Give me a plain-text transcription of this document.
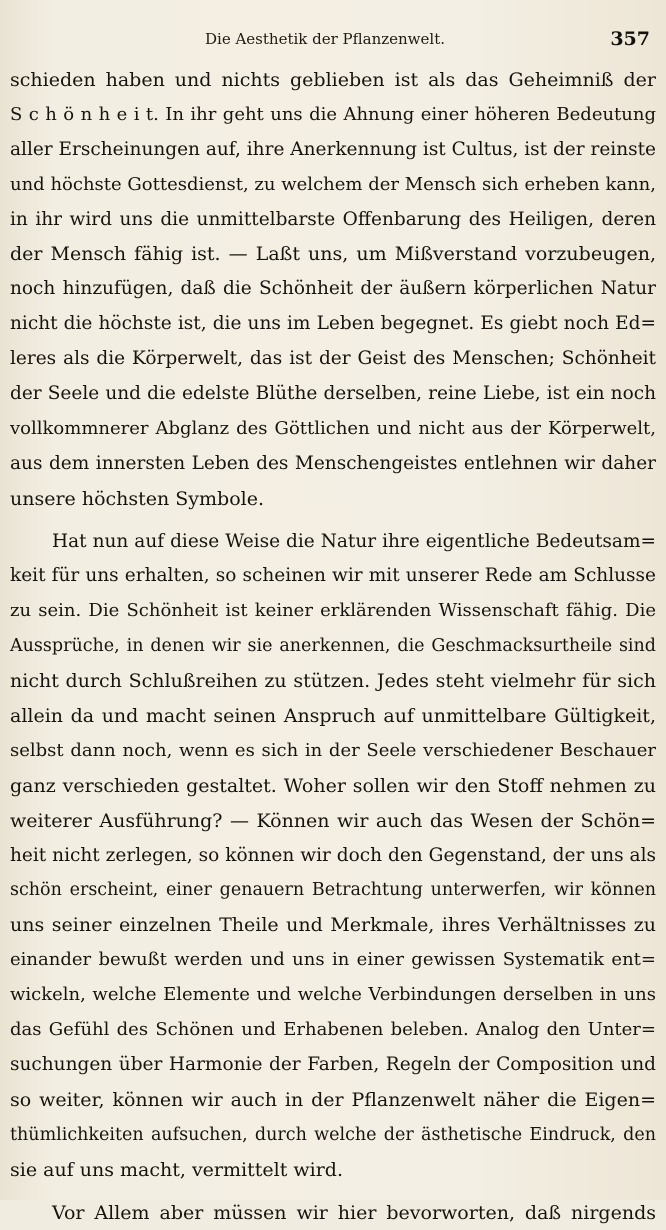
Die Aesthetik der Pflanzenwelt.	357
schieden haben und nichts geblieben ist als das Geheimniß der
S c h ö n h e i t. In ihr geht uns die Ahnung einer höheren Bedeutung
aller Erscheinungen auf, ihre Anerkennung ist Cultus, ist der reinste
und höchste Gottesdienst, zu welchem der Mensch sich erheben kann,
in ihr wird uns die unmittelbarste Offenbarung des Heiligen, deren
der Mensch fähig ist. — Laßt uns, um Mißverstand vorzubeugen,
noch hinzufügen, daß die Schönheit der äußern körperlichen Natur
nicht die höchste ist, die uns im Leben begegnet. Es giebt noch Ed=
leres als die Körperwelt, das ist der Geist des Menschen; Schönheit
der Seele und die edelste Blüthe derselben, reine Liebe, ist ein noch
vollkommnerer Abglanz des Göttlichen und nicht aus der Körperwelt,
aus dem innersten Leben des Menschengeistes entlehnen wir daher
unsere höchsten Symbole.
Hat nun auf diese Weise die Natur ihre eigentliche Bedeutsam=
keit für uns erhalten, so scheinen wir mit unserer Rede am Schlusse
zu sein. Die Schönheit ist keiner erklärenden Wissenschaft fähig. Die
Aussprüche, in denen wir sie anerkennen, die Geschmacksurtheile sind
nicht durch Schlußreihen zu stützen. Jedes steht vielmehr für sich
allein da und macht seinen Anspruch auf unmittelbare Gültigkeit,
selbst dann noch, wenn es sich in der Seele verschiedener Beschauer
ganz verschieden gestaltet. Woher sollen wir den Stoff nehmen zu
weiterer Ausführung? — Können wir auch das Wesen der Schön=
heit nicht zerlegen, so können wir doch den Gegenstand, der uns als
schön erscheint, einer genauern Betrachtung unterwerfen, wir können
uns seiner einzelnen Theile und Merkmale, ihres Verhältnisses zu
einander bewußt werden und uns in einer gewissen Systematik ent=
wickeln, welche Elemente und welche Verbindungen derselben in uns
das Gefühl des Schönen und Erhabenen beleben. Analog den Unter=
suchungen über Harmonie der Farben, Regeln der Composition und
so weiter, können wir auch in der Pflanzenwelt näher die Eigen=
thümlichkeiten aufsuchen, durch welche der ästhetische Eindruck, den
sie auf uns macht, vermittelt wird.
Vor Allem aber müssen wir hier bevorworten, daß nirgends
